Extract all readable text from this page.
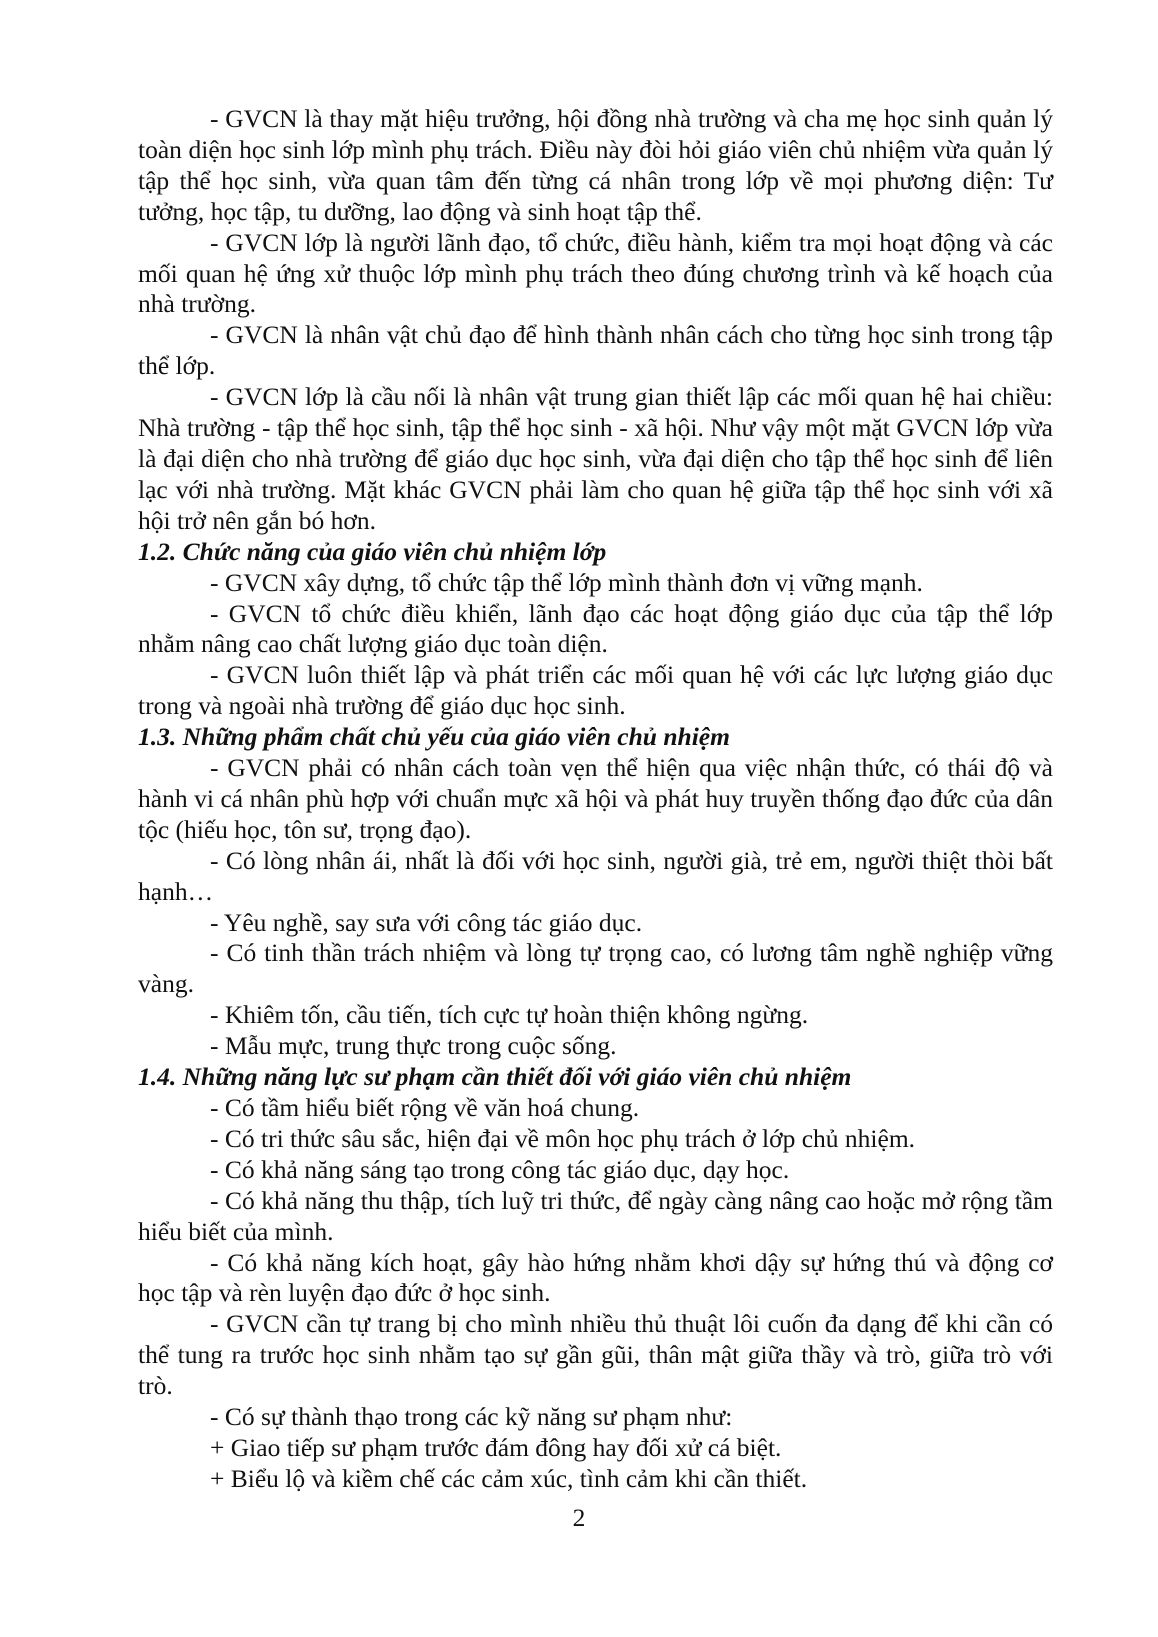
- GVCN là thay mặt hiệu trưởng, hội đồng nhà trường và cha mẹ học sinh quản lý toàn diện học sinh lớp mình phụ trách. Điều này đòi hỏi giáo viên chủ nhiệm vừa quản lý tập thể học sinh, vừa quan tâm đến từng cá nhân trong lớp về mọi phương diện: Tư tưởng, học tập, tu dưỡng, lao động và sinh hoạt tập thể.

- GVCN lớp là người lãnh đạo, tổ chức, điều hành, kiểm tra mọi hoạt động và các mối quan hệ ứng xử thuộc lớp mình phụ trách theo đúng chương trình và kế hoạch của nhà trường.

- GVCN là nhân vật chủ đạo để hình thành nhân cách cho từng học sinh trong tập thể lớp.

- GVCN lớp là cầu nối là nhân vật trung gian thiết lập các mối quan hệ hai chiều: Nhà trường - tập thể học sinh, tập thể học sinh - xã hội. Như vậy một mặt GVCN lớp vừa là đại diện cho nhà trường để giáo dục học sinh, vừa đại diện cho tập thể học sinh để liên lạc với nhà trường. Mặt khác GVCN phải làm cho quan hệ giữa tập thể học sinh với xã hội trở nên gắn bó hơn.

1.2. Chức năng của giáo viên chủ nhiệm lớp

- GVCN xây dựng, tổ chức tập thể lớp mình thành đơn vị vững mạnh.

- GVCN tổ chức điều khiển, lãnh đạo các hoạt động giáo dục của tập thể lớp nhằm nâng cao chất lượng giáo dục toàn diện.

- GVCN luôn thiết lập và phát triển các mối quan hệ với các lực lượng giáo dục trong và ngoài nhà trường để giáo dục học sinh.

1.3. Những phẩm chất chủ yếu của giáo viên chủ nhiệm

- GVCN phải có nhân cách toàn vẹn thể hiện qua việc nhận thức, có thái độ và hành vi cá nhân phù hợp với chuẩn mực xã hội và phát huy truyền thống đạo đức của dân tộc (hiếu học, tôn sư, trọng đạo).

- Có lòng nhân ái, nhất là đối với học sinh, người già, trẻ em, người thiệt thòi bất hạnh…

- Yêu nghề, say sưa với công tác giáo dục.

- Có tinh thần trách nhiệm và lòng tự trọng cao, có lương tâm nghề nghiệp vững vàng.

- Khiêm tốn, cầu tiến, tích cực tự hoàn thiện không ngừng.

- Mẫu mực, trung thực trong cuộc sống.

1.4. Những năng lực sư phạm cần thiết đối với giáo viên chủ nhiệm

- Có tầm hiểu biết rộng về văn hoá chung.

- Có tri thức sâu sắc, hiện đại về môn học phụ trách ở lớp chủ nhiệm.

- Có khả năng sáng tạo trong công tác giáo dục, dạy học.

- Có khả năng thu thập, tích luỹ tri thức, để ngày càng nâng cao hoặc mở rộng tầm hiểu biết của mình.

- Có khả năng kích hoạt, gây hào hứng nhằm khơi dậy sự hứng thú và động cơ học tập và rèn luyện đạo đức ở học sinh.

- GVCN cần tự trang bị cho mình nhiều thủ thuật lôi cuốn đa dạng để khi cần có thể tung ra trước học sinh nhằm tạo sự gần gũi, thân mật giữa thầy và trò, giữa trò với trò.

- Có sự thành thạo trong các kỹ năng sư phạm như:

+ Giao tiếp sư phạm trước đám đông hay đối xử cá biệt.

+ Biểu lộ và kiềm chế các cảm xúc, tình cảm khi cần thiết.

2
